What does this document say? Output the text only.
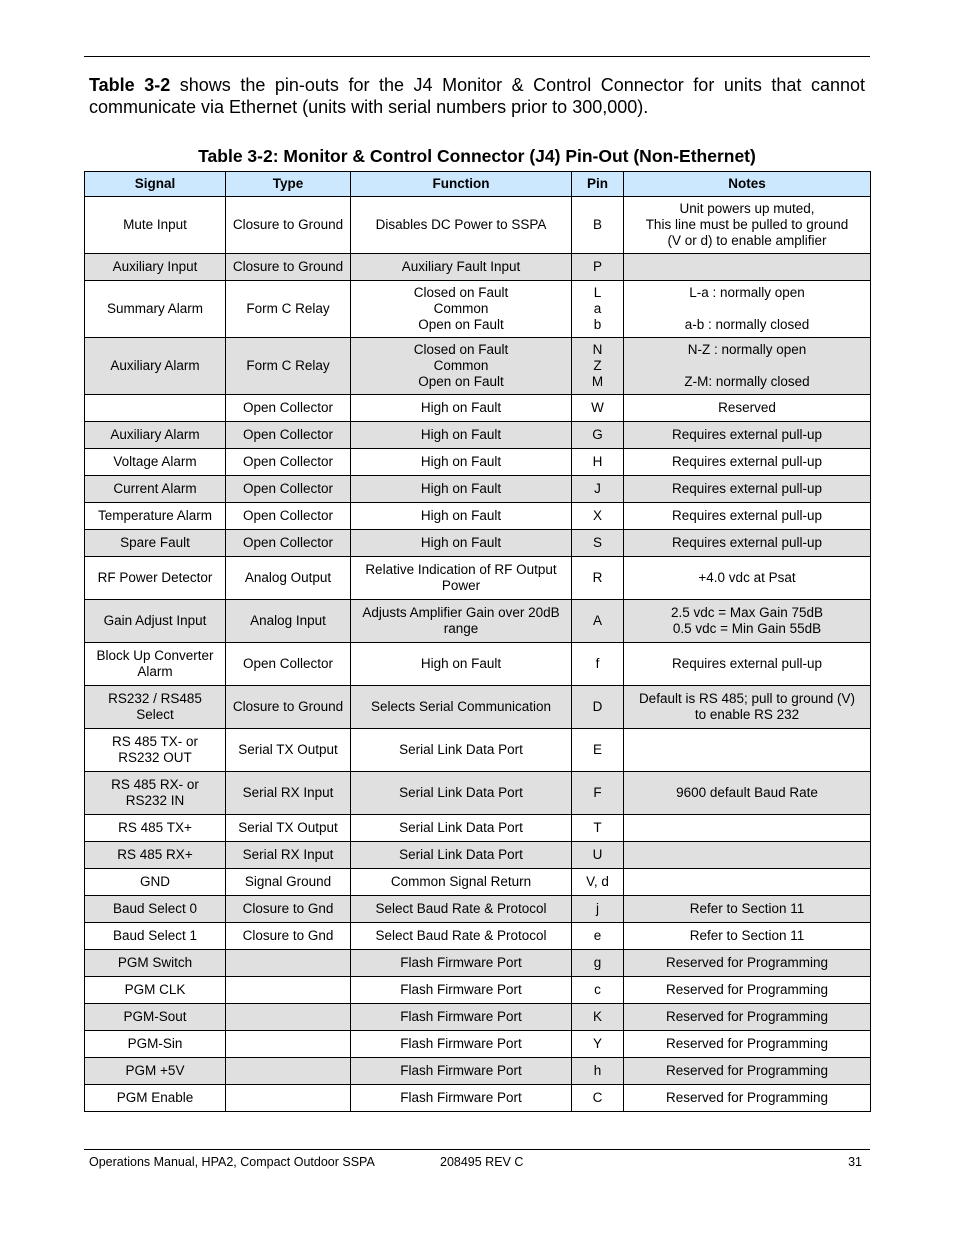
Table 3-2 shows the pin-outs for the J4 Monitor & Control Connector for units that cannot communicate via Ethernet (units with serial numbers prior to 300,000).

Table 3-2: Monitor & Control Connector (J4) Pin-Out (Non-Ethernet)
Signal	Type	Function	Pin	Notes

Mute Input	Closure to Ground	Disables DC Power to SSPA	B	Unit powers up muted,
This line must be pulled to ground
(V or d) to enable amplifier

Auxiliary Input	Closure to Ground	Auxiliary Fault Input	P	

Summary Alarm	Form C Relay	Closed on Fault
Common
Open on Fault	L
a
b	L-a : normally open
a-b : normally closed

Auxiliary Alarm	Form C Relay	Closed on Fault
Common
Open on Fault	N
Z
M	N-Z : normally open
Z-M: normally closed

	Open Collector	High on Fault	W	Reserved

Auxiliary Alarm	Open Collector	High on Fault	G	Requires external pull-up

Voltage Alarm	Open Collector	High on Fault	H	Requires external pull-up

Current Alarm	Open Collector	High on Fault	J	Requires external pull-up

Temperature Alarm	Open Collector	High on Fault	X	Requires external pull-up

Spare Fault	Open Collector	High on Fault	S	Requires external pull-up

RF Power Detector	Analog Output	Relative Indication of RF Output
Power	R	+4.0 vdc at Psat

Gain Adjust Input	Analog Input	Adjusts Amplifier Gain over 20dB
range	A	2.5 vdc = Max Gain 75dB
0.5 vdc = Min Gain 55dB

Block Up Converter
Alarm	Open Collector	High on Fault	f	Requires external pull-up

RS232 / RS485
Select	Closure to Ground	Selects Serial Communication	D	Default is RS 485; pull to ground (V)
to enable RS 232

RS 485 TX- or
RS232 OUT	Serial TX Output	Serial Link Data Port	E	

RS 485 RX- or
RS232 IN	Serial RX Input	Serial Link Data Port	F	9600 default Baud Rate

RS 485 TX+	Serial TX Output	Serial Link Data Port	T	

RS 485 RX+	Serial RX Input	Serial Link Data Port	U	

GND	Signal Ground	Common Signal Return	V, d	

Baud Select 0	Closure to Gnd	Select Baud Rate & Protocol	j	Refer to Section 11

Baud Select 1	Closure to Gnd	Select Baud Rate & Protocol	e	Refer to Section 11

PGM Switch		Flash Firmware Port	g	Reserved for Programming

PGM CLK		Flash Firmware Port	c	Reserved for Programming

PGM-Sout		Flash Firmware Port	K	Reserved for Programming

PGM-Sin		Flash Firmware Port	Y	Reserved for Programming

PGM +5V		Flash Firmware Port	h	Reserved for Programming

PGM Enable		Flash Firmware Port	C	Reserved for Programming
Operations Manual, HPA2, Compact Outdoor SSPA	208495 REV C	31
